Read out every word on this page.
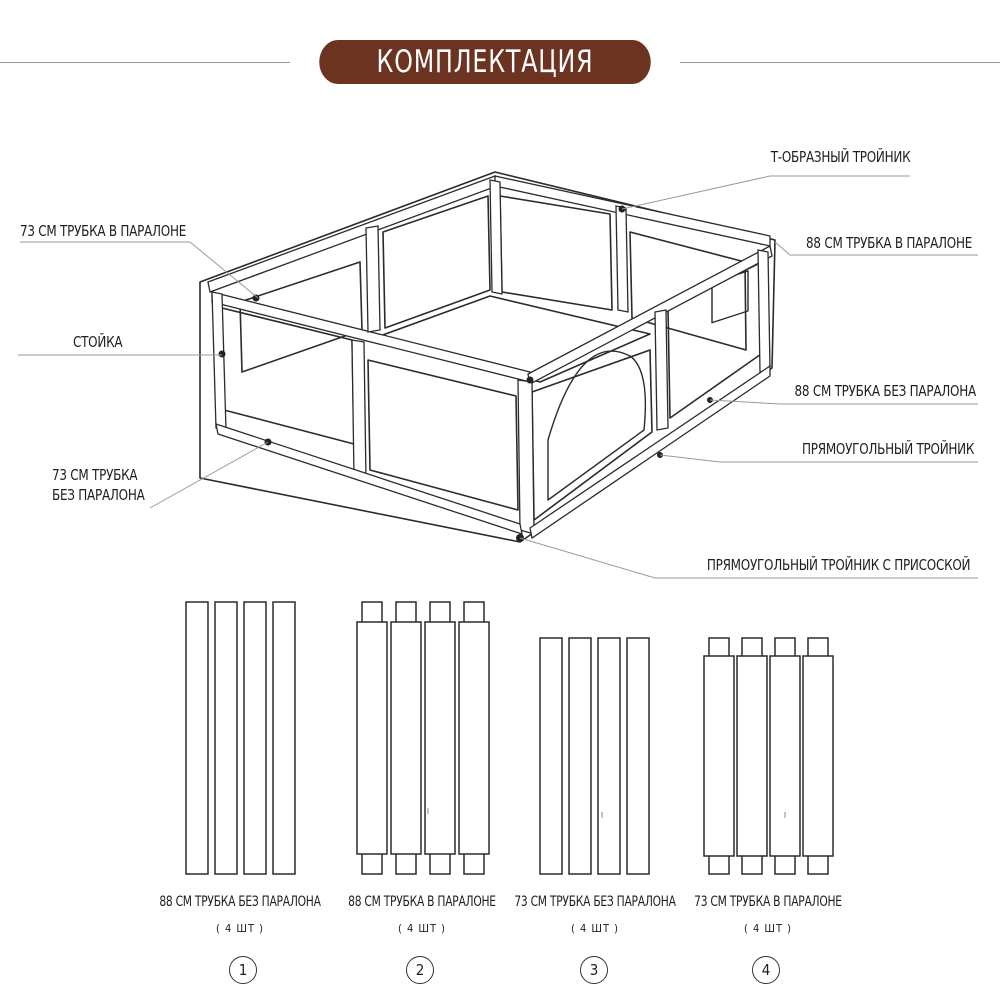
КОМПЛЕКТАЦИЯ
Т-ОБРАЗНЫЙ ТРОЙНИК
73 СМ ТРУБКА В ПАРАЛОНЕ
88 СМ ТРУБКА В ПАРАЛОНЕ
СТОЙКА
88 СМ ТРУБКА БЕЗ ПАРАЛОНА
73 СМ ТРУБКА
БЕЗ ПАРАЛОНА
ПРЯМОУГОЛЬНЫЙ ТРОЙНИК
ПРЯМОУГОЛЬНЫЙ ТРОЙНИК С ПРИСОСКОЙ
88 СМ ТРУБКА БЕЗ ПАРАЛОНА
( 4 ШТ )
1
88 СМ ТРУБКА В ПАРАЛОНЕ
( 4 ШТ )
2
73 СМ ТРУБКА БЕЗ ПАРАЛОНА
( 4 ШТ )
3
73 СМ ТРУБКА В ПАРАЛОНЕ
( 4 ШТ )
4
